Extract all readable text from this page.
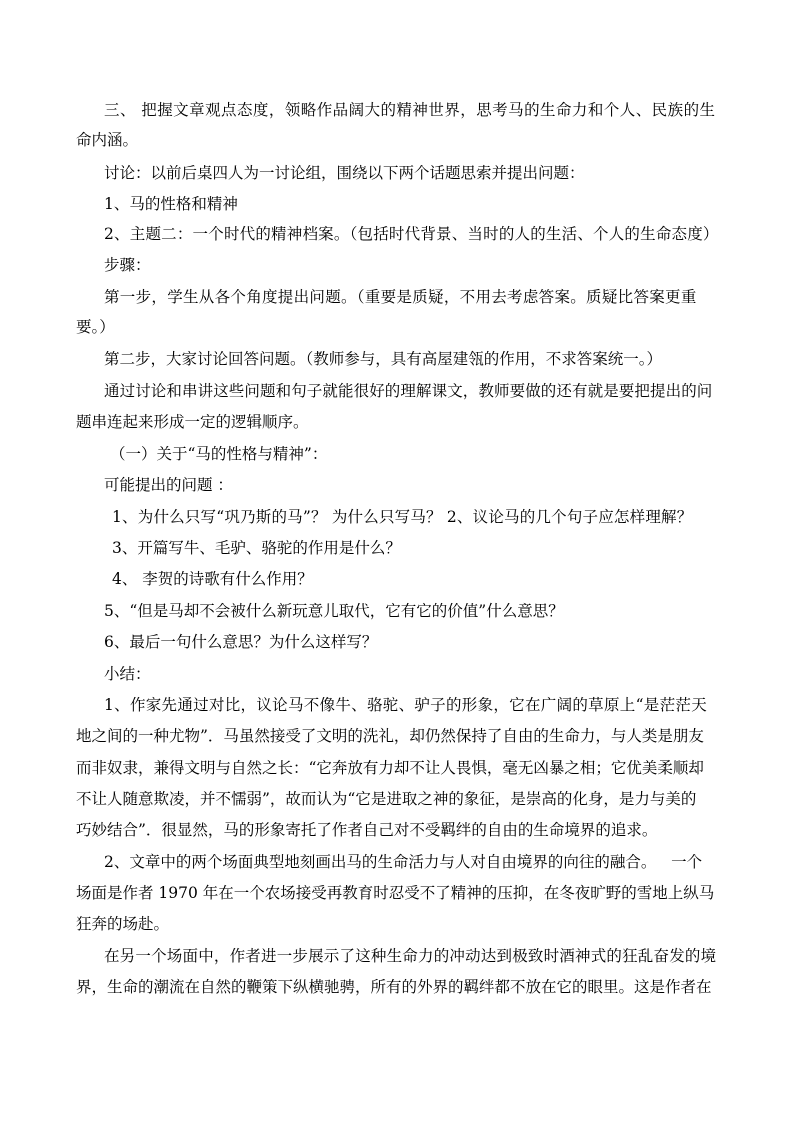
三、 把握文章观点态度，领略作品阔大的精神世界，思考马的生命力和个人、民族的生
命内涵。
讨论：以前后桌四人为一讨论组，围绕以下两个话题思索并提出问题：
1、马的性格和精神
2、主题二：一个时代的精神档案。（包括时代背景、当时的人的生活、个人的生命态度）
步骤：
第一步，学生从各个角度提出问题。（重要是质疑，不用去考虑答案。质疑比答案更重
要。）
第二步，大家讨论回答问题。（教师参与，具有高屋建瓴的作用，不求答案统一。）
通过讨论和串讲这些问题和句子就能很好的理解课文，教师要做的还有就是要把提出的问
题串连起来形成一定的逻辑顺序。
（一）关于“马的性格与精神”：
可能提出的问题 ：
1、为什么只写“巩乃斯的马”？ 为什么只写马？ 2、议论马的几个句子应怎样理解？
3、开篇写牛、毛驴、骆驼的作用是什么？
4、 李贺的诗歌有什么作用？
5、“但是马却不会被什么新玩意儿取代，它有它的价值”什么意思？
6、最后一句什么意思？为什么这样写？
小结：
1、作家先通过对比，议论马不像牛、骆驼、驴子的形象，它在广阔的草原上“是茫茫天
地之间的一种尤物”．马虽然接受了文明的洗礼，却仍然保持了自由的生命力，与人类是朋友
而非奴隶，兼得文明与自然之长：“它奔放有力却不让人畏惧，毫无凶暴之相；它优美柔顺却
不让人随意欺凌，并不懦弱”，故而认为“它是进取之神的象征，是崇高的化身，是力与美的
巧妙结合”．很显然，马的形象寄托了作者自己对不受羁绊的自由的生命境界的追求。
2、文章中的两个场面典型地刻画出马的生命活力与人对自由境界的向往的融合。   一个
场面是作者 1970 年在一个农场接受再教育时忍受不了精神的压抑，在冬夜旷野的雪地上纵马
狂奔的场赴。
在另一个场面中，作者进一步展示了这种生命力的冲动达到极致时酒神式的狂乱奋发的境
界，生命的潮流在自然的鞭策下纵横驰骋，所有的外界的羁绊都不放在它的眼里。这是作者在
